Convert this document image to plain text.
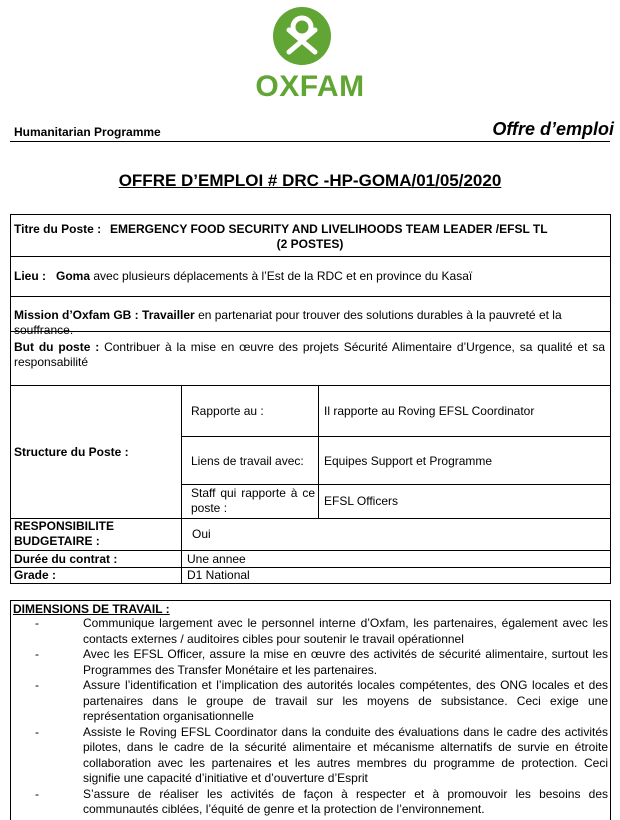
OXFAM
Humanitarian Programme	Offre d’emploi
OFFRE D’EMPLOI # DRC -HP-GOMA/01/05/2020
Titre du Poste : EMERGENCY FOOD SECURITY AND LIVELIHOODS TEAM LEADER /EFSL TL
(2 POSTES)
Lieu : Goma avec plusieurs déplacements à l’Est de la RDC et en province du Kasaï
Mission d’Oxfam GB : Travailler en partenariat pour trouver des solutions durables à la pauvreté et la souffrance.
But du poste : Contribuer à la mise en œuvre des projets Sécurité Alimentaire d’Urgence, sa qualité et sa responsabilité
Structure du Poste :
Rapporte au :	Il rapporte au Roving EFSL Coordinator
Liens de travail avec: Equipes Support et Programme
Staff qui rapporte à ce poste :	EFSL Officers
RESPONSIBILITE BUDGETAIRE :	Oui
Durée du contrat :	Une annee
Grade :	D1 National
DIMENSIONS DE TRAVAIL :
-	Communique largement avec le personnel interne d’Oxfam, les partenaires, également avec les contacts externes / auditoires cibles pour soutenir le travail opérationnel
-	Avec les EFSL Officer, assure la mise en œuvre des activités de sécurité alimentaire, surtout les Programmes des Transfer Monétaire et les partenaires.
-	Assure l’identification et l’implication des autorités locales compétentes, des ONG locales et des partenaires dans le groupe de travail sur les moyens de subsistance. Ceci exige une représentation organisationnelle
-	Assiste le Roving EFSL Coordinator dans la conduite des évaluations dans le cadre des activités pilotes, dans le cadre de la sécurité alimentaire et mécanisme alternatifs de survie en étroite collaboration avec les partenaires et les autres membres du programme de protection. Ceci signifie une capacité d’initiative et d’ouverture d’Esprit
-	S’assure de réaliser les activités de façon à respecter et à promouvoir les besoins des communautés ciblées, l’équité de genre et la protection de l’environnement.
